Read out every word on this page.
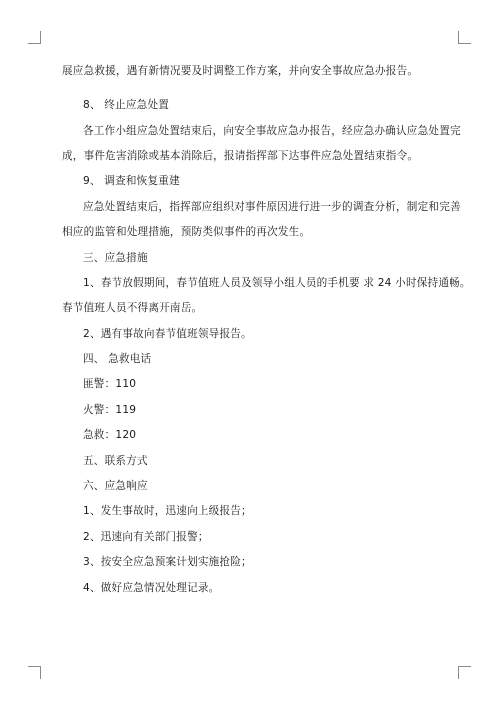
展应急救援，遇有新情况要及时调整工作方案，并向安全事故应急办报告。
8、 终止应急处置
各工作小组应急处置结束后，向安全事故应急办报告，经应急办确认应急处置完
成，事件危害消除或基本消除后，报请指挥部下达事件应急处置结束指令。
9、 调查和恢复重建
应急处置结束后，指挥部应组织对事件原因进行进一步的调查分析，制定和完善
相应的监管和处理措施，预防类似事件的再次发生。
三、应急措施
1、春节放假期间，春节值班人员及领导小组人员的手机要 求 24 小时保持通畅。
春节值班人员不得离开南岳。
2、遇有事故向春节值班领导报告。
四、 急救电话
匪警：110
火警：119
急救：120
五、联系方式
六、应急响应
1、发生事故时，迅速向上级报告；
2、迅速向有关部门报警；
3、按安全应急预案计划实施抢险；
4、做好应急情况处理记录。
